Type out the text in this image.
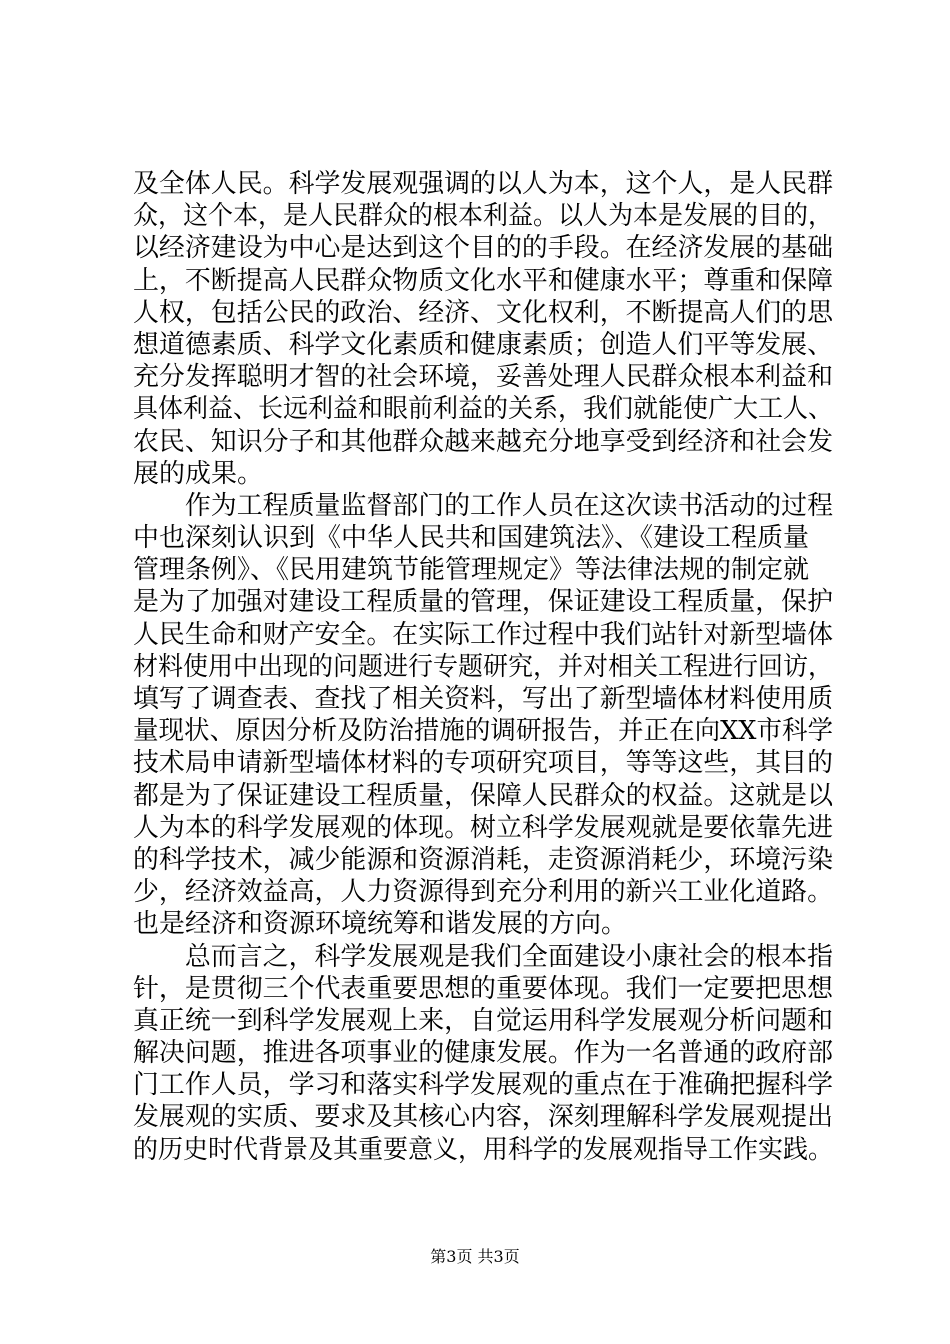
及全体人民。科学发展观强调的以人为本，这个人，是人民群
众，这个本，是人民群众的根本利益。以人为本是发展的目的，
以经济建设为中心是达到这个目的的手段。在经济发展的基础
上，不断提高人民群众物质文化水平和健康水平；尊重和保障
人权，包括公民的政治、经济、文化权利，不断提高人们的思
想道德素质、科学文化素质和健康素质；创造人们平等发展、
充分发挥聪明才智的社会环境，妥善处理人民群众根本利益和
具体利益、长远利益和眼前利益的关系，我们就能使广大工人、
农民、知识分子和其他群众越来越充分地享受到经济和社会发
展的成果。
　　作为工程质量监督部门的工作人员在这次读书活动的过程
中也深刻认识到《中华人民共和国建筑法》、《建设工程质量
管理条例》、《民用建筑节能管理规定》等法律法规的制定就
是为了加强对建设工程质量的管理，保证建设工程质量，保护
人民生命和财产安全。在实际工作过程中我们站针对新型墙体
材料使用中出现的问题进行专题研究，并对相关工程进行回访，
填写了调查表、查找了相关资料，写出了新型墙体材料使用质
量现状、原因分析及防治措施的调研报告，并正在向XX市科学
技术局申请新型墙体材料的专项研究项目，等等这些，其目的
都是为了保证建设工程质量，保障人民群众的权益。这就是以
人为本的科学发展观的体现。树立科学发展观就是要依靠先进
的科学技术，减少能源和资源消耗，走资源消耗少，环境污染
少，经济效益高，人力资源得到充分利用的新兴工业化道路。
也是经济和资源环境统筹和谐发展的方向。
　　总而言之，科学发展观是我们全面建设小康社会的根本指
针，是贯彻三个代表重要思想的重要体现。我们一定要把思想
真正统一到科学发展观上来，自觉运用科学发展观分析问题和
解决问题，推进各项事业的健康发展。作为一名普通的政府部
门工作人员，学习和落实科学发展观的重点在于准确把握科学
发展观的实质、要求及其核心内容，深刻理解科学发展观提出
的历史时代背景及其重要意义，用科学的发展观指导工作实践。
第3页 共3页
